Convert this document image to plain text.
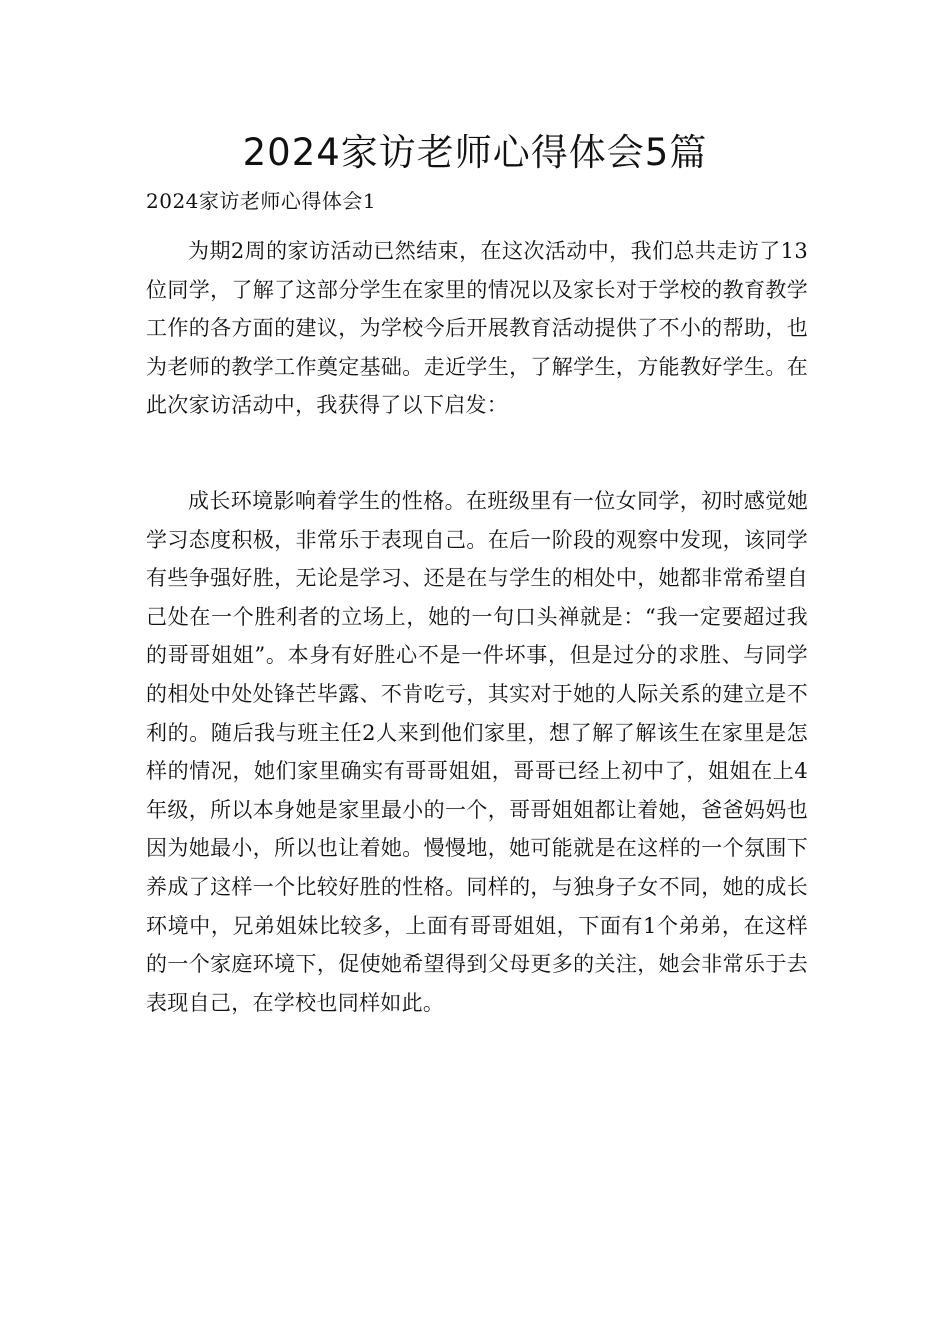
2024家访老师心得体会5篇
2024家访老师心得体会1

为期2周的家访活动已然结束，在这次活动中，我们总共走访了13位同学，了解了这部分学生在家里的情况以及家长对于学校的教育教学工作的各方面的建议，为学校今后开展教育活动提供了不小的帮助，也为老师的教学工作奠定基础。走近学生，了解学生，方能教好学生。在此次家访活动中，我获得了以下启发：

成长环境影响着学生的性格。在班级里有一位女同学，初时感觉她学习态度积极，非常乐于表现自己。在后一阶段的观察中发现，该同学有些争强好胜，无论是学习、还是在与学生的相处中，她都非常希望自己处在一个胜利者的立场上，她的一句口头禅就是：“我一定要超过我的哥哥姐姐”。本身有好胜心不是一件坏事，但是过分的求胜、与同学的相处中处处锋芒毕露、不肯吃亏，其实对于她的人际关系的建立是不利的。随后我与班主任2人来到他们家里，想了解了解该生在家里是怎样的情况，她们家里确实有哥哥姐姐，哥哥已经上初中了，姐姐在上4年级，所以本身她是家里最小的一个，哥哥姐姐都让着她，爸爸妈妈也因为她最小，所以也让着她。慢慢地，她可能就是在这样的一个氛围下养成了这样一个比较好胜的性格。同样的，与独身子女不同，她的成长环境中，兄弟姐妹比较多，上面有哥哥姐姐，下面有1个弟弟，在这样的一个家庭环境下，促使她希望得到父母更多的关注，她会非常乐于去表现自己，在学校也同样如此。
